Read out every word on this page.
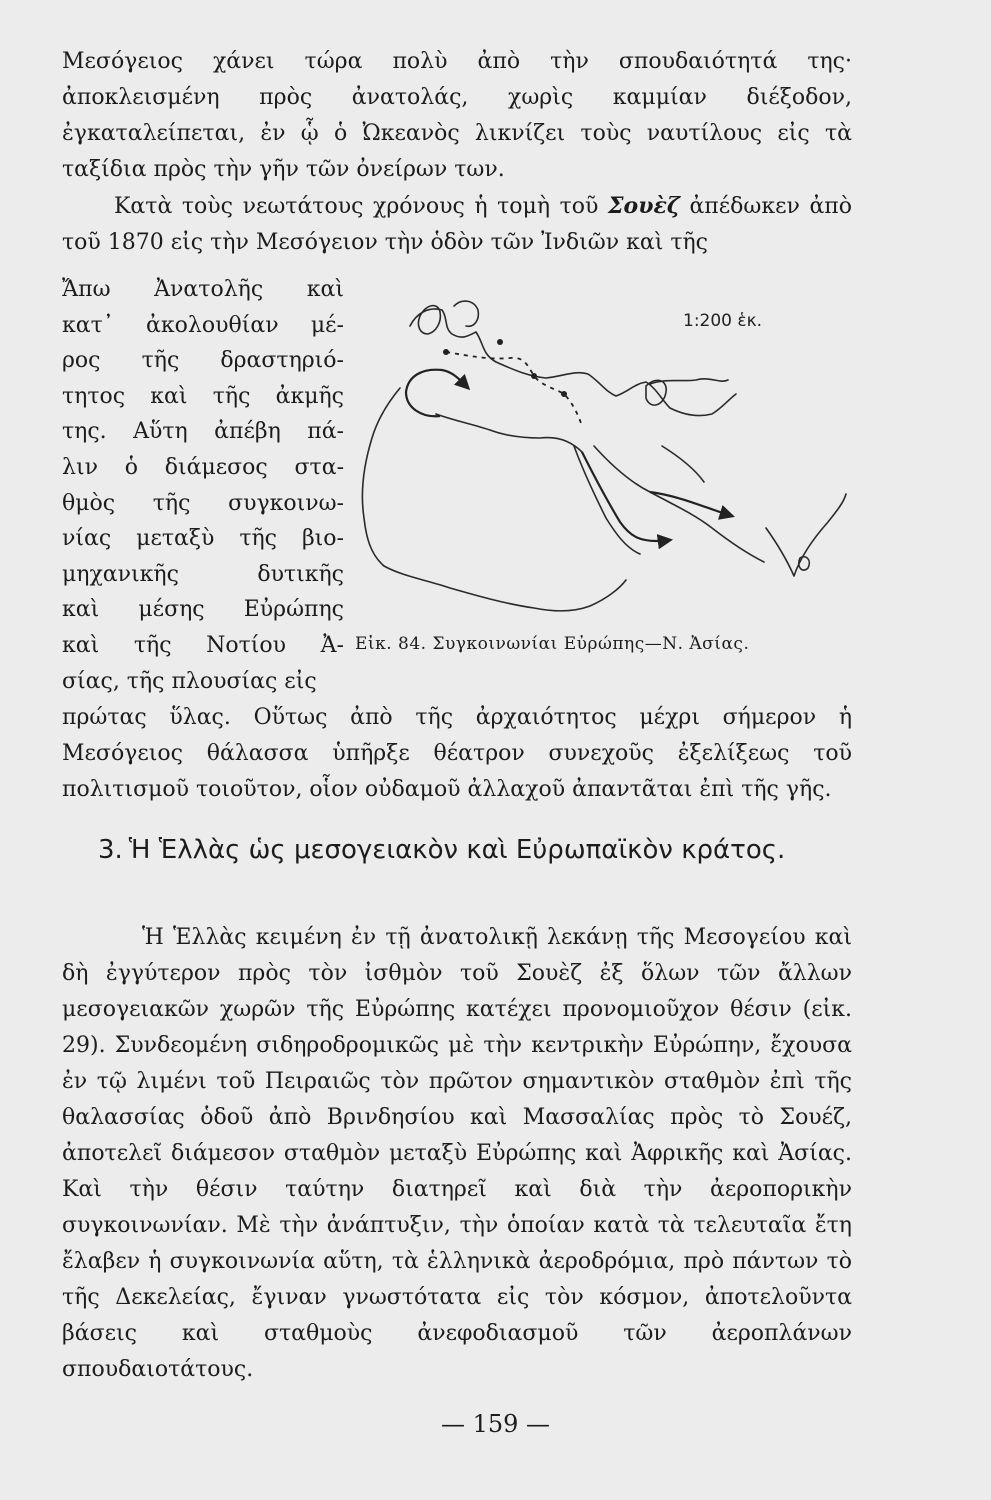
Μεσόγειος χάνει τώρα πολὺ ἀπὸ τὴν σπουδαιότητά της· ἀποκλεισμένη πρὸς ἀνατολάς, χωρὶς καμμίαν διέξοδον, ἐγκαταλείπεται, ἐν ᾧ ὁ Ὠκεανὸς λικνίζει τοὺς ναυτίλους εἰς τὰ ταξίδια πρὸς τὴν γῆν τῶν ὀνείρων των.
Κατὰ τοὺς νεωτάτους χρόνους ἡ τομὴ τοῦ Σουὲζ ἀπέδωκεν ἀπὸ τοῦ 1870 εἰς τὴν Μεσόγειον τὴν ὁδὸν τῶν Ἰνδιῶν καὶ τῆς

Ἄπω Ἀνατολῆς καὶ
κατ᾽ ἀκολουθίαν μέ-
ρος τῆς δραστηριό-
τητος καὶ τῆς ἀκμῆς
της. Αὕτη ἀπέβη πά-
λιν ὁ διάμεσος στα-
θμὸς τῆς συγκοινω-
νίας μεταξὺ τῆς βιο-
μηχανικῆς δυτικῆς
καὶ μέσης Εὐρώπης
καὶ τῆς Νοτίου Ἀ-
σίας, τῆς πλουσίας εἰς
1:200 ἑκ.
Εἰκ. 84. Συγκοινωνίαι Εὐρώπης—Ν. Ἀσίας.

πρώτας ὕλας. Οὕτως ἀπὸ τῆς ἀρχαιότητος μέχρι σήμερον ἡ Μεσόγειος θάλασσα ὑπῆρξε θέατρον συνεχοῦς ἐξελίξεως τοῦ πολιτισμοῦ τοιοῦτον, οἷον οὐδαμοῦ ἀλλαχοῦ ἀπαντᾶται ἐπὶ τῆς γῆς.

3. Ἡ Ἑλλὰς ὡς μεσογειακὸν καὶ Εὐρωπαϊκὸν κράτος.

Ἡ Ἑλλὰς κειμένη ἐν τῇ ἀνατολικῇ λεκάνῃ τῆς Μεσογείου καὶ δὴ ἐγγύτερον πρὸς τὸν ἰσθμὸν τοῦ Σουὲζ ἐξ ὅλων τῶν ἄλλων μεσογειακῶν χωρῶν τῆς Εὐρώπης κατέχει προνομιοῦχον θέσιν (εἰκ. 29). Συνδεομένη σιδηροδρομικῶς μὲ τὴν κεντρικὴν Εὐρώπην, ἔχουσα ἐν τῷ λιμένι τοῦ Πειραιῶς τὸν πρῶτον σημαντικὸν σταθμὸν ἐπὶ τῆς θαλασσίας ὁδοῦ ἀπὸ Βρινδησίου καὶ Μασσαλίας πρὸς τὸ Σουέζ, ἀποτελεῖ διάμεσον σταθμὸν μεταξὺ Εὐρώπης καὶ Ἀφρικῆς καὶ Ἀσίας. Καὶ τὴν θέσιν ταύτην διατηρεῖ καὶ διὰ τὴν ἀεροπορικὴν συγκοινωνίαν. Μὲ τὴν ἀνάπτυξιν, τὴν ὁποίαν κατὰ τὰ τελευταῖα ἔτη ἔλαβεν ἡ συγκοινωνία αὕτη, τὰ ἑλληνικὰ ἀεροδρόμια, πρὸ πάντων τὸ τῆς Δεκελείας, ἔγιναν γνωστότατα εἰς τὸν κόσμον, ἀποτελοῦντα βάσεις καὶ σταθμοὺς ἀνεφοδιασμοῦ τῶν ἀεροπλάνων σπουδαιοτάτους.

— 159 —
